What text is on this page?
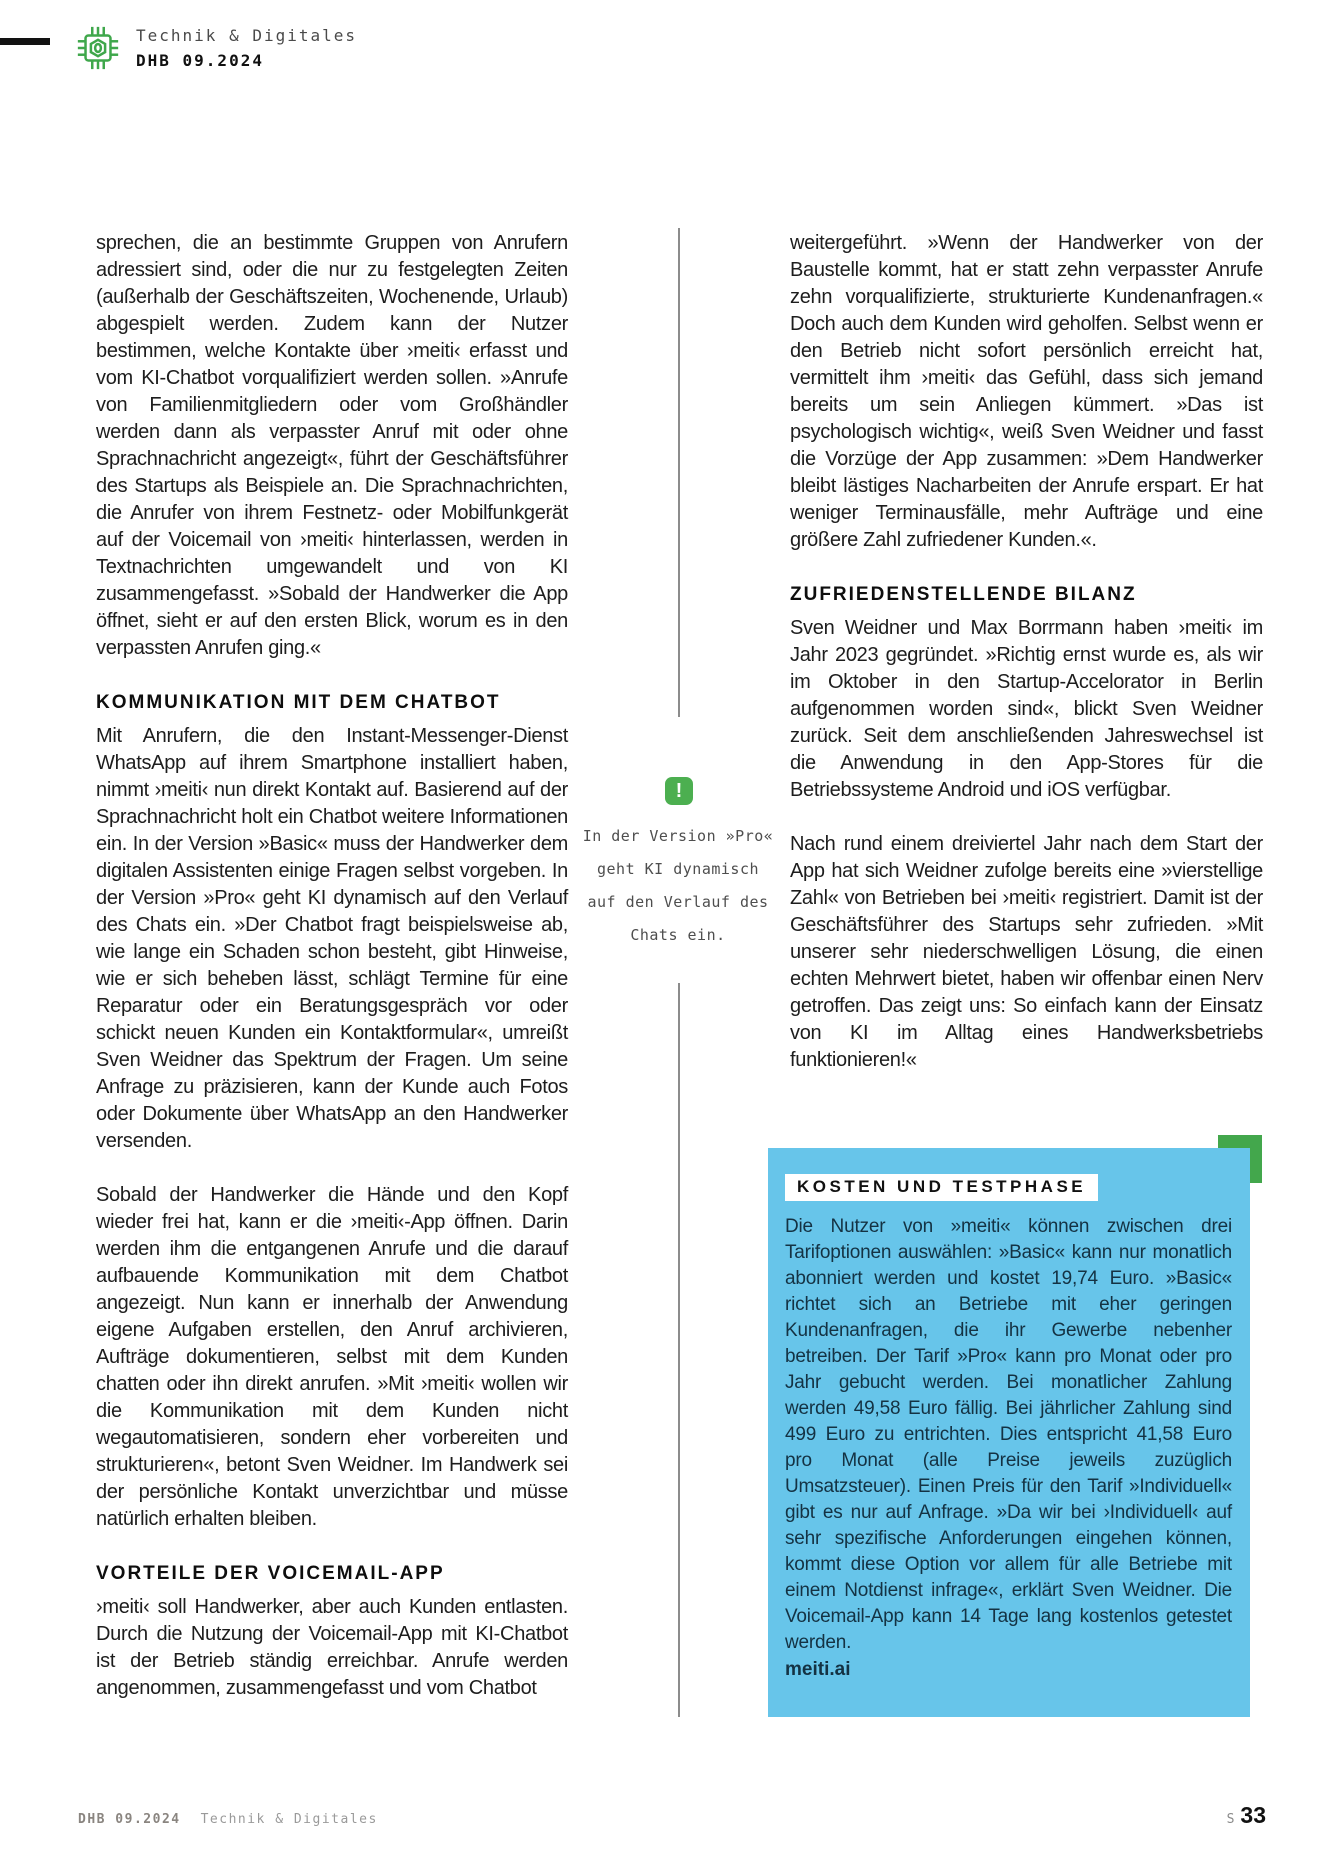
Technik & Digitales
DHB 09.2024

sprechen, die an bestimmte Gruppen von Anrufern adressiert sind, oder die nur zu festgelegten Zeiten (außerhalb der Geschäftszeiten, Wochenende, Urlaub) abgespielt werden. Zudem kann der Nutzer bestimmen, welche Kontakte über ›meiti‹ erfasst und vom KI-Chatbot vorqualifiziert werden sollen. »Anrufe von Familienmitgliedern oder vom Großhändler werden dann als verpasster Anruf mit oder ohne Sprachnachricht angezeigt«, führt der Geschäftsführer des Startups als Beispiele an. Die Sprachnachrichten, die Anrufer von ihrem Festnetz- oder Mobilfunkgerät auf der Voicemail von ›meiti‹ hinterlassen, werden in Textnachrichten umgewandelt und von KI zusammengefasst. »Sobald der Handwerker die App öffnet, sieht er auf den ersten Blick, worum es in den verpassten Anrufen ging.«

KOMMUNIKATION MIT DEM CHATBOT

Mit Anrufern, die den Instant-Messenger-Dienst WhatsApp auf ihrem Smartphone installiert haben, nimmt ›meiti‹ nun direkt Kontakt auf. Basierend auf der Sprachnachricht holt ein Chatbot weitere Informationen ein. In der Version »Basic« muss der Handwerker dem digitalen Assistenten einige Fragen selbst vorgeben. In der Version »Pro« geht KI dynamisch auf den Verlauf des Chats ein. »Der Chatbot fragt beispielsweise ab, wie lange ein Schaden schon besteht, gibt Hinweise, wie er sich beheben lässt, schlägt Termine für eine Reparatur oder ein Beratungsgespräch vor oder schickt neuen Kunden ein Kontaktformular«, umreißt Sven Weidner das Spektrum der Fragen. Um seine Anfrage zu präzisieren, kann der Kunde auch Fotos oder Dokumente über WhatsApp an den Handwerker versenden.

Sobald der Handwerker die Hände und den Kopf wieder frei hat, kann er die ›meiti‹-App öffnen. Darin werden ihm die entgangenen Anrufe und die darauf aufbauende Kommunikation mit dem Chatbot angezeigt. Nun kann er innerhalb der Anwendung eigene Aufgaben erstellen, den Anruf archivieren, Aufträge dokumentieren, selbst mit dem Kunden chatten oder ihn direkt anrufen. »Mit ›meiti‹ wollen wir die Kommunikation mit dem Kunden nicht wegautomatisieren, sondern eher vorbereiten und strukturieren«, betont Sven Weidner. Im Handwerk sei der persönliche Kontakt unverzichtbar und müsse natürlich erhalten bleiben.

VORTEILE DER VOICEMAIL-APP

›meiti‹ soll Handwerker, aber auch Kunden entlasten. Durch die Nutzung der Voicemail-App mit KI-Chatbot ist der Betrieb ständig erreichbar. Anrufe werden angenommen, zusammengefasst und vom Chatbot

!
In der Version »Pro« geht KI dynamisch auf den Verlauf des Chats ein.

weitergeführt. »Wenn der Handwerker von der Baustelle kommt, hat er statt zehn verpasster Anrufe zehn vorqualifizierte, strukturierte Kundenanfragen.« Doch auch dem Kunden wird geholfen. Selbst wenn er den Betrieb nicht sofort persönlich erreicht hat, vermittelt ihm ›meiti‹ das Gefühl, dass sich jemand bereits um sein Anliegen kümmert. »Das ist psychologisch wichtig«, weiß Sven Weidner und fasst die Vorzüge der App zusammen: »Dem Handwerker bleibt lästiges Nacharbeiten der Anrufe erspart. Er hat weniger Terminausfälle, mehr Aufträge und eine größere Zahl zufriedener Kunden.«.

ZUFRIEDENSTELLENDE BILANZ

Sven Weidner und Max Borrmann haben ›meiti‹ im Jahr 2023 gegründet. »Richtig ernst wurde es, als wir im Oktober in den Startup-Accelorator in Berlin aufgenommen worden sind«, blickt Sven Weidner zurück. Seit dem anschließenden Jahreswechsel ist die Anwendung in den App-Stores für die Betriebssysteme Android und iOS verfügbar.

Nach rund einem dreiviertel Jahr nach dem Start der App hat sich Weidner zufolge bereits eine »vierstellige Zahl« von Betrieben bei ›meiti‹ registriert. Damit ist der Geschäftsführer des Startups sehr zufrieden. »Mit unserer sehr niederschwelligen Lösung, die einen echten Mehrwert bietet, haben wir offenbar einen Nerv getroffen. Das zeigt uns: So einfach kann der Einsatz von KI im Alltag eines Handwerksbetriebs funktionieren!«

KOSTEN UND TESTPHASE
Die Nutzer von »meiti« können zwischen drei Tarifoptionen auswählen: »Basic« kann nur monatlich abonniert werden und kostet 19,74 Euro. »Basic« richtet sich an Betriebe mit eher geringen Kundenanfragen, die ihr Gewerbe nebenher betreiben. Der Tarif »Pro« kann pro Monat oder pro Jahr gebucht werden. Bei monatlicher Zahlung werden 49,58 Euro fällig. Bei jährlicher Zahlung sind 499 Euro zu entrichten. Dies entspricht 41,58 Euro pro Monat (alle Preise jeweils zuzüglich Umsatzsteuer). Einen Preis für den Tarif »Individuell« gibt es nur auf Anfrage. »Da wir bei ›Individuell‹ auf sehr spezifische Anforderungen eingehen können, kommt diese Option vor allem für alle Betriebe mit einem Notdienst infrage«, erklärt Sven Weidner. Die Voicemail-App kann 14 Tage lang kostenlos getestet werden.
meiti.ai
DHB 09.2024 Technik & Digitales	S 33
